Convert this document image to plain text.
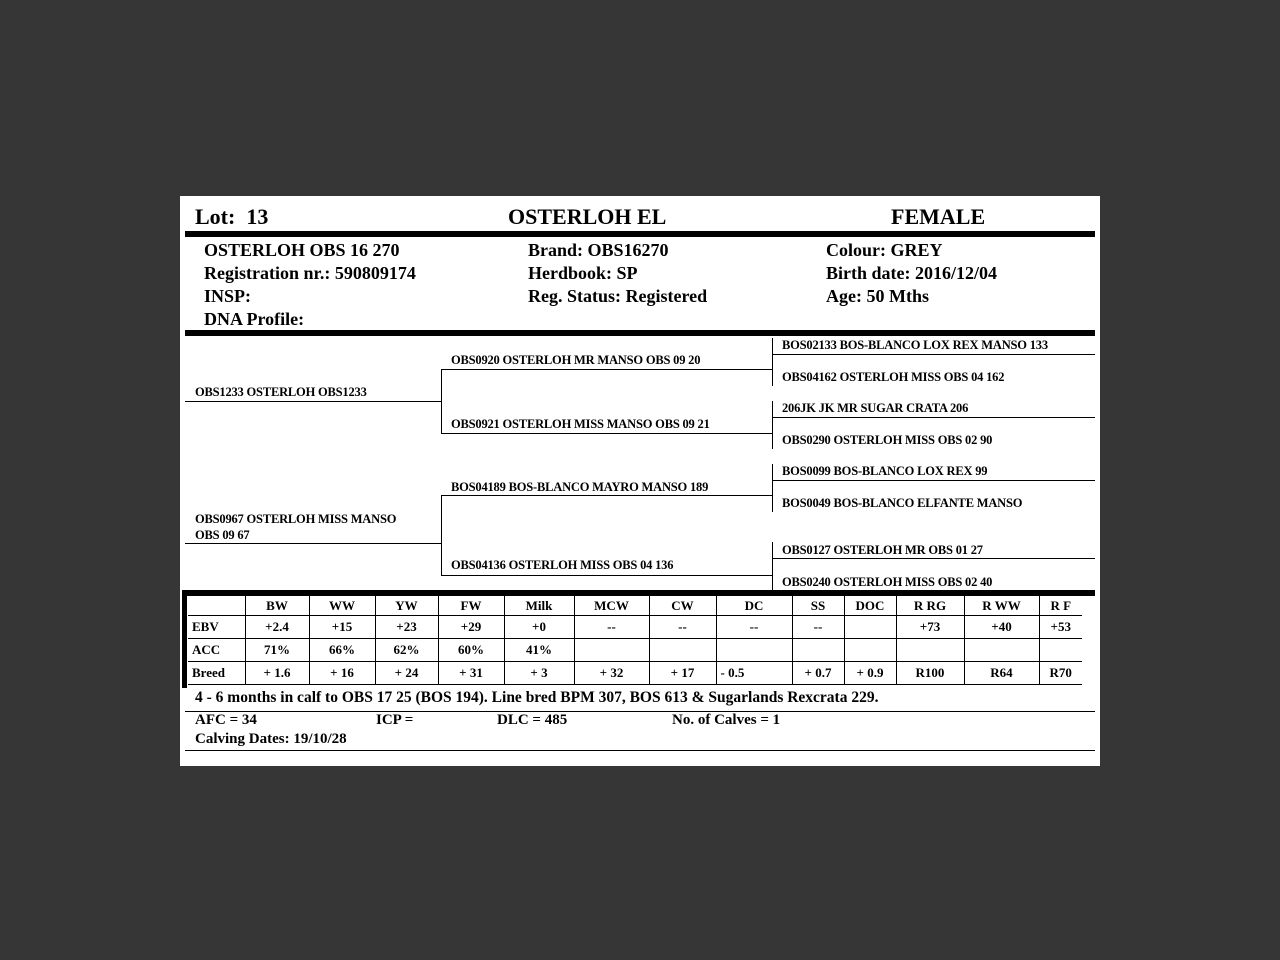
Lot: 13	OSTERLOH EL	FEMALE
OSTERLOH OBS 16 270
Registration nr.: 590809174
INSP:
DNA Profile:
Brand: OBS16270
Herdbook: SP
Reg. Status: Registered
Colour: GREY
Birth date: 2016/12/04
Age: 50 Mths
OBS1233 OSTERLOH OBS1233
OBS0967 OSTERLOH MISS MANSO
OBS 09 67
OBS0920 OSTERLOH MR MANSO OBS 09 20
OBS0921 OSTERLOH MISS MANSO OBS 09 21
BOS04189 BOS-BLANCO MAYRO MANSO 189
OBS04136 OSTERLOH MISS OBS 04 136
BOS02133 BOS-BLANCO LOX REX MANSO 133
OBS04162 OSTERLOH MISS OBS 04 162
206JK JK MR SUGAR CRATA 206
OBS0290 OSTERLOH MISS OBS 02 90
BOS0099 BOS-BLANCO LOX REX 99
BOS0049 BOS-BLANCO ELFANTE MANSO
OBS0127 OSTERLOH MR OBS 01 27
OBS0240 OSTERLOH MISS OBS 02 40
	BW	WW	YW	FW	Milk	MCW	CW	DC	SS	DOC	R RG	R WW	R F
EBV	+2.4	+15	+23	+29	+0	--	--	--	--		+73	+40	+53
ACC	71%	66%	62%	60%	41%								
Breed	+ 1.6	+ 16	+ 24	+ 31	+ 3	+ 32	+ 17	- 0.5	+ 0.7	+ 0.9	R100	R64	R70
4 - 6 months in calf to OBS 17 25 (BOS 194). Line bred BPM 307, BOS 613 & Sugarlands Rexcrata 229.
AFC = 34	ICP =	DLC = 485	No. of Calves = 1
Calving Dates: 19/10/28
